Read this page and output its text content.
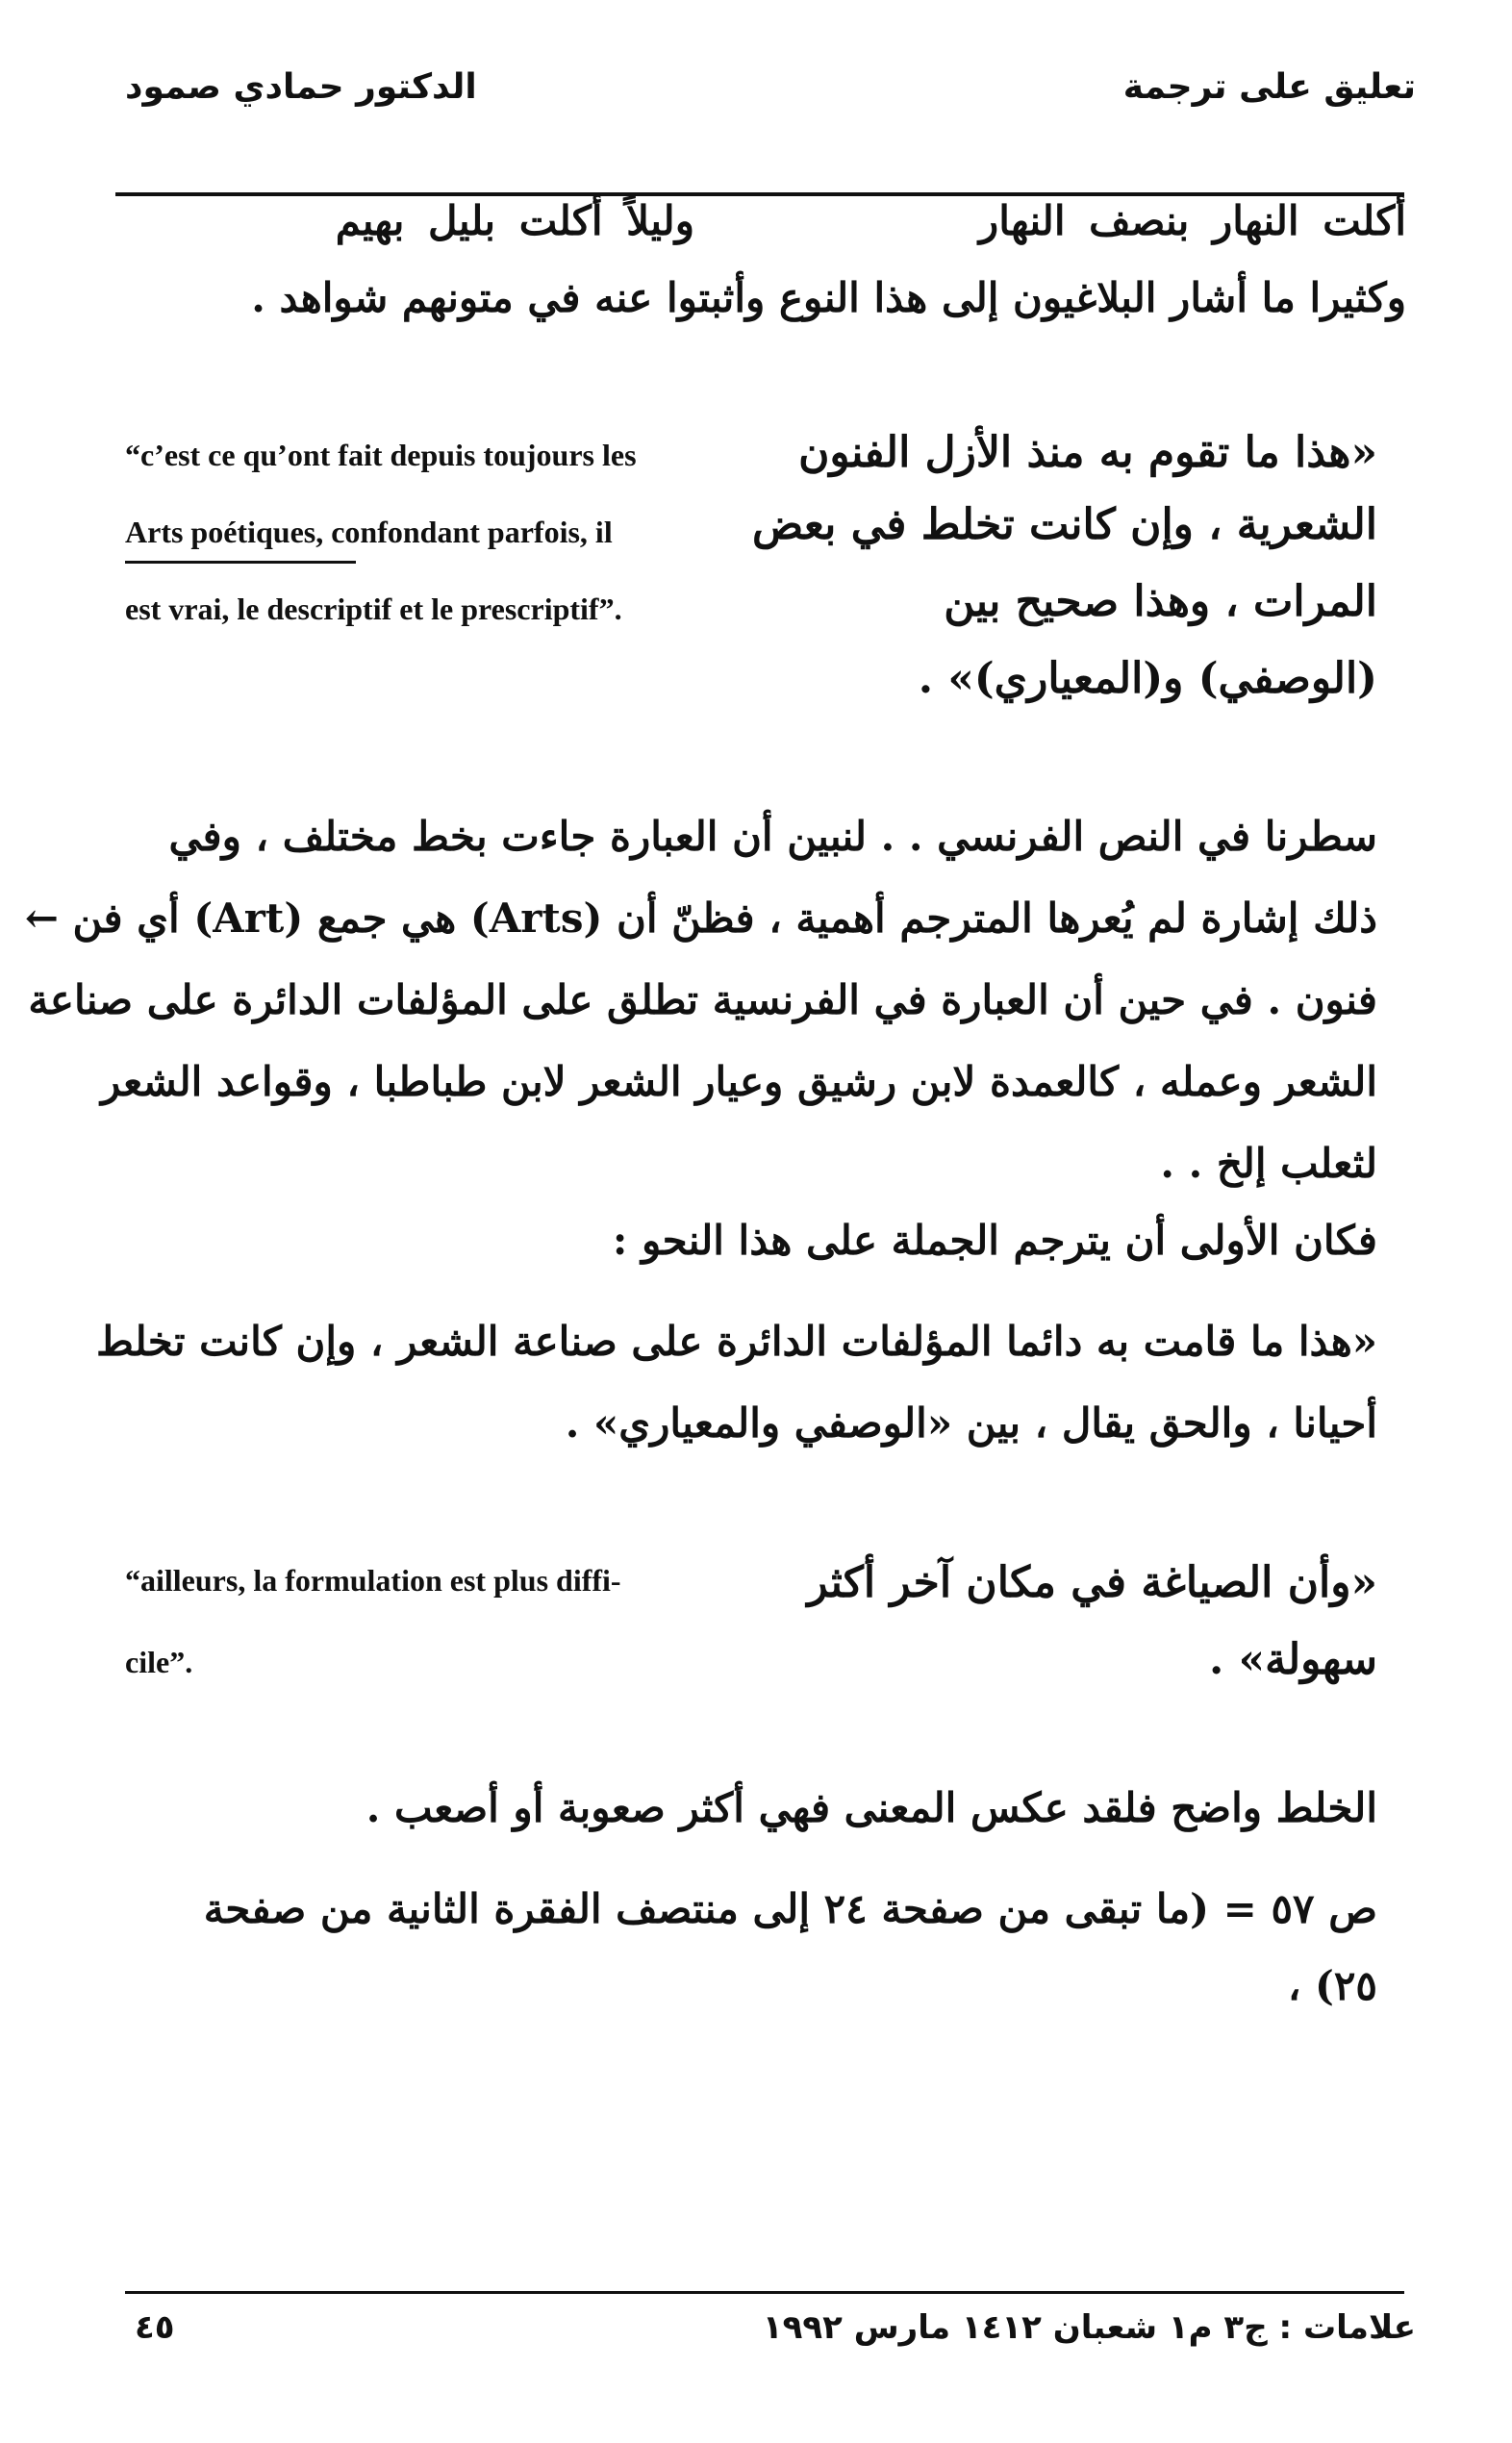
تعليق على ترجمة
الدكتور حمادي صمود
أكلت النهار بنصف النهار
وليلاً أكلت بليل بهيم
وكثيرا ما أشار البلاغيون إلى هذا النوع وأثبتوا عنه في متونهم شواهد .
«هذا ما تقوم به منذ الأزل الفنون
الشعرية ، وإن كانت تخلط في بعض
المرات ، وهذا صحيح بين
(الوصفي) و(المعياري)» .
“c’est ce qu’ont fait depuis toujours les
Arts poétiques, confondant parfois, il
est vrai, le descriptif et le prescriptif”.
سطرنا في النص الفرنسي . . لنبين أن العبارة جاءت بخط مختلف ، وفي
ذلك إشارة لم يُعرها المترجم أهمية ، فظنّ أن (Arts) هي جمع (Art) أي فن ←
فنون . في حين أن العبارة في الفرنسية تطلق على المؤلفات الدائرة على صناعة
الشعر وعمله ، كالعمدة لابن رشيق وعيار الشعر لابن طباطبا ، وقواعد الشعر
لثعلب إلخ . .
فكان الأولى أن يترجم الجملة على هذا النحو :
«هذا ما قامت به دائما المؤلفات الدائرة على صناعة الشعر ، وإن كانت تخلط
أحيانا ، والحق يقال ، بين «الوصفي والمعياري» .
«وأن الصياغة في مكان آخر أكثر
سهولة» .
“ailleurs, la formulation est plus diffi-
cile”.
الخلط واضح فلقد عكس المعنى فهي أكثر صعوبة أو أصعب .
ص ٥٧ = (ما تبقى من صفحة ٢٤ إلى منتصف الفقرة الثانية من صفحة
٢٥) ،
علامات : ج٣ م١ شعبان ١٤١٢ مارس ١٩٩٢
٤٥
